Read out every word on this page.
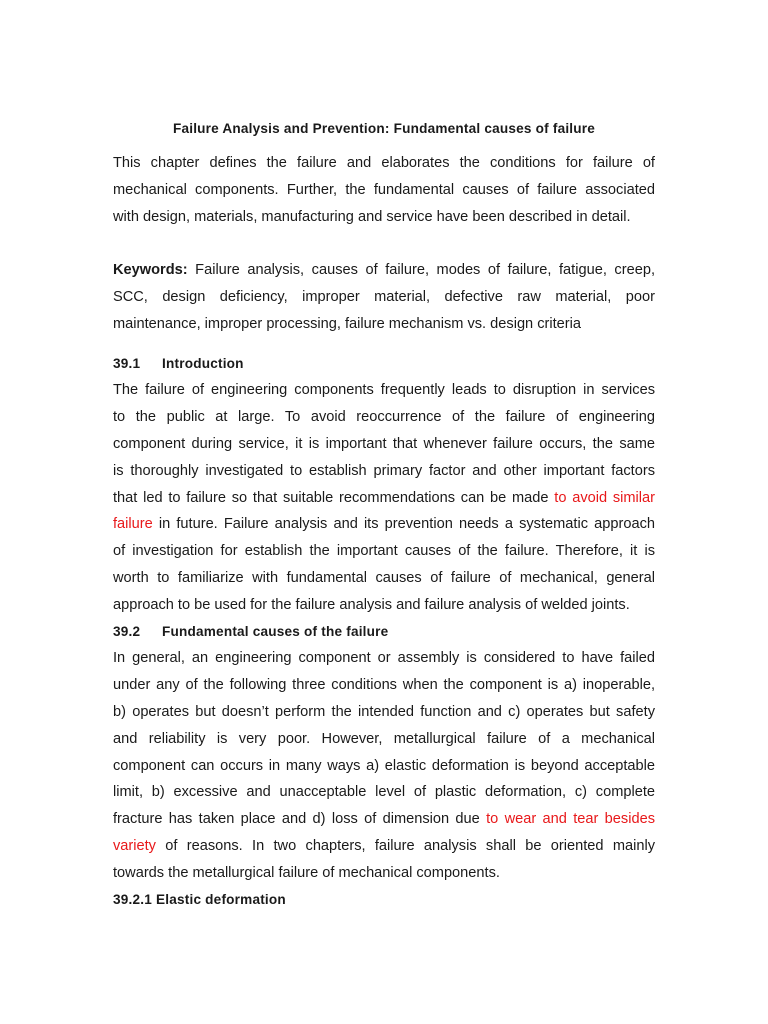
Failure Analysis and Prevention: Fundamental causes of failure

This chapter defines the failure and elaborates the conditions for failure of
mechanical components. Further, the fundamental causes of failure associated
with design, materials, manufacturing and service have been described in detail.

Keywords: Failure analysis, causes of failure, modes of failure, fatigue, creep,
SCC, design deficiency, improper material, defective raw material, poor
maintenance, improper processing, failure mechanism vs. design criteria

39.1 Introduction

The failure of engineering components frequently leads to disruption in services
to the public at large. To avoid reoccurrence of the failure of engineering
component during service, it is important that whenever failure occurs, the same
is thoroughly investigated to establish primary factor and other important factors
that led to failure so that suitable recommendations can be made to avoid similar
failure in future. Failure analysis and its prevention needs a systematic approach
of investigation for establish the important causes of the failure. Therefore, it is
worth to familiarize with fundamental causes of failure of mechanical, general
approach to be used for the failure analysis and failure analysis of welded joints.

39.2 Fundamental causes of the failure

In general, an engineering component or assembly is considered to have failed
under any of the following three conditions when the component is a) inoperable,
b) operates but doesn’t perform the intended function and c) operates but safety
and reliability is very poor. However, metallurgical failure of a mechanical
component can occurs in many ways a) elastic deformation is beyond acceptable
limit, b) excessive and unacceptable level of plastic deformation, c) complete
fracture has taken place and d) loss of dimension due to wear and tear besides
variety of reasons. In two chapters, failure analysis shall be oriented mainly
towards the metallurgical failure of mechanical components.

39.2.1 Elastic deformation
